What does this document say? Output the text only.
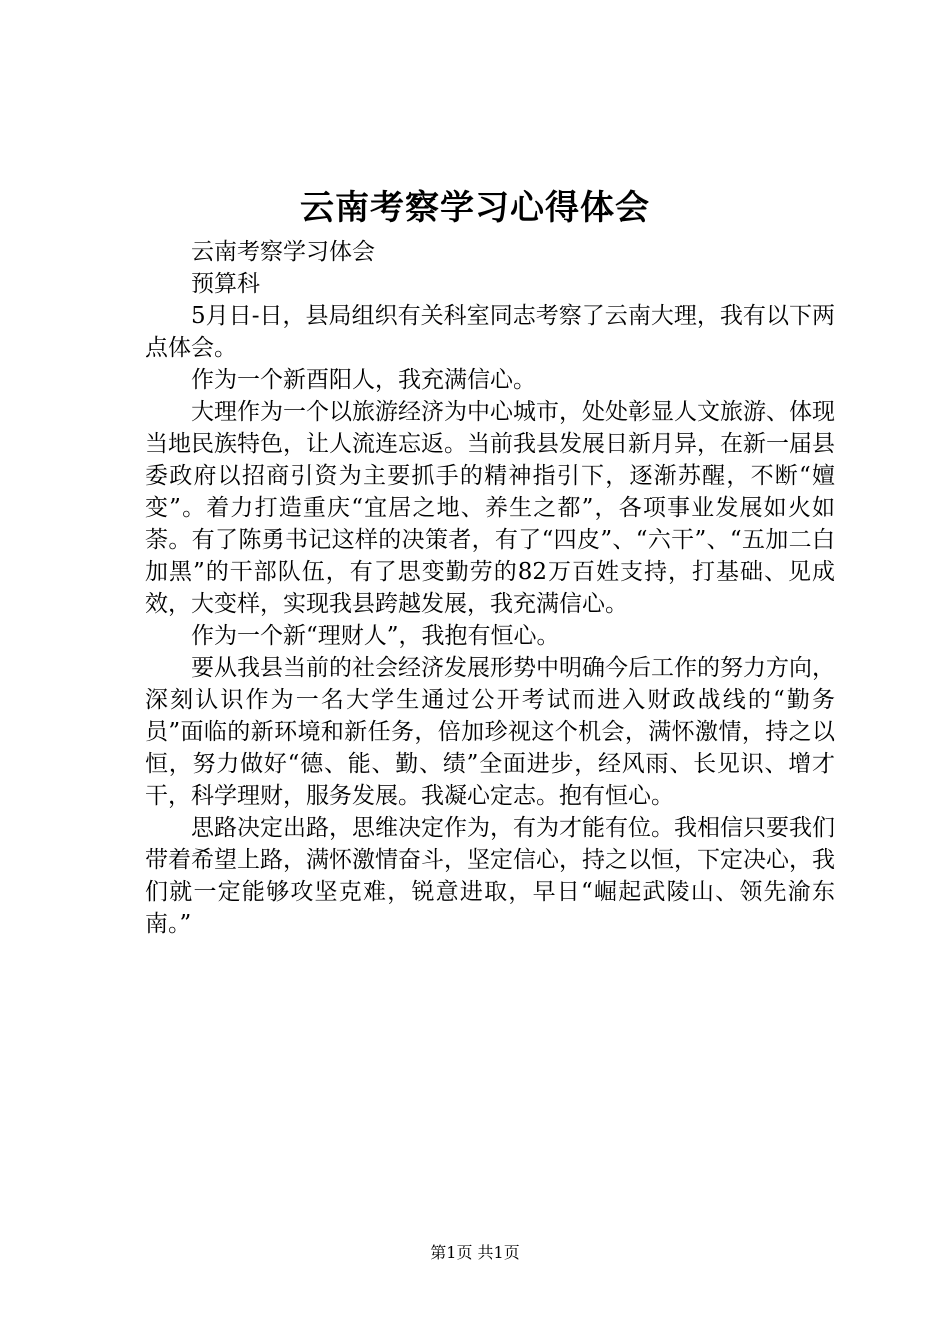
云南考察学习心得体会

云南考察学习体会

预算科

5月日-日，县局组织有关科室同志考察了云南大理，我有以下两点体会。

作为一个新酉阳人，我充满信心。

大理作为一个以旅游经济为中心城市，处处彰显人文旅游、体现当地民族特色，让人流连忘返。当前我县发展日新月异，在新一届县委政府以招商引资为主要抓手的精神指引下，逐渐苏醒，不断“嬗变”。着力打造重庆“宜居之地、养生之都”，各项事业发展如火如荼。有了陈勇书记这样的决策者，有了“四皮”、“六干”、“五加二白加黑”的干部队伍，有了思变勤劳的82万百姓支持，打基础、见成效，大变样，实现我县跨越发展，我充满信心。

作为一个新“理财人”，我抱有恒心。

要从我县当前的社会经济发展形势中明确今后工作的努力方向，深刻认识作为一名大学生通过公开考试而进入财政战线的“勤务员”面临的新环境和新任务，倍加珍视这个机会，满怀激情，持之以恒，努力做好“德、能、勤、绩”全面进步，经风雨、长见识、增才干，科学理财，服务发展。我凝心定志。抱有恒心。

思路决定出路，思维决定作为，有为才能有位。我相信只要我们带着希望上路，满怀激情奋斗，坚定信心，持之以恒，下定决心，我们就一定能够攻坚克难，锐意进取，早日“崛起武陵山、领先渝东南。”

第1页 共1页
